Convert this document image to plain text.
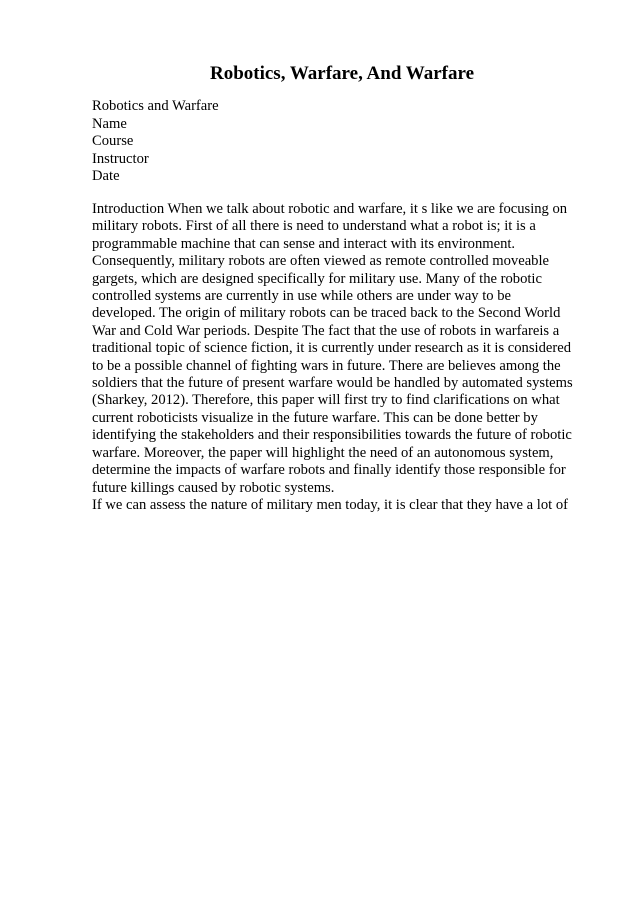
Robotics, Warfare, And Warfare
Robotics and Warfare
Name
Course
Instructor
Date
Introduction When we talk about robotic and warfare, it s like we are focusing on
military robots. First of all there is need to understand what a robot is; it is a
programmable machine that can sense and interact with its environment.
Consequently, military robots are often viewed as remote controlled moveable
gargets, which are designed specifically for military use. Many of the robotic
controlled systems are currently in use while others are under way to be
developed. The origin of military robots can be traced back to the Second World
War and Cold War periods. Despite The fact that the use of robots in warfareis a
traditional topic of science fiction, it is currently under research as it is considered
to be a possible channel of fighting wars in future. There are believes among the
soldiers that the future of present warfare would be handled by automated systems
(Sharkey, 2012). Therefore, this paper will first try to find clarifications on what
current roboticists visualize in the future warfare. This can be done better by
identifying the stakeholders and their responsibilities towards the future of robotic
warfare. Moreover, the paper will highlight the need of an autonomous system,
determine the impacts of warfare robots and finally identify those responsible for
future killings caused by robotic systems.
If we can assess the nature of military men today, it is clear that they have a lot of
